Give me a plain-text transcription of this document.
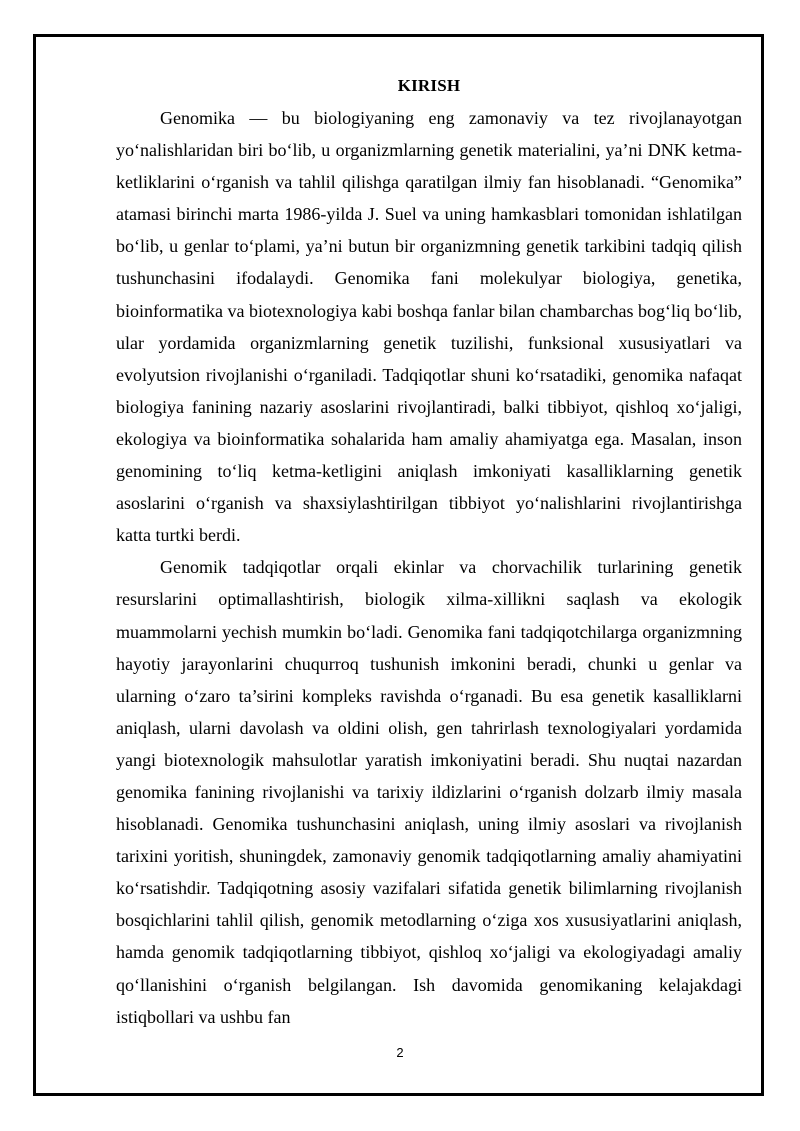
KIRISH

Genomika — bu biologiyaning eng zamonaviy va tez rivojlanayotgan yo‘nalishlaridan biri bo‘lib, u organizmlarning genetik materialini, ya’ni DNK ketma-ketliklarini o‘rganish va tahlil qilishga qaratilgan ilmiy fan hisoblanadi. “Genomika” atamasi birinchi marta 1986-yilda J. Suel va uning hamkasblari tomonidan ishlatilgan bo‘lib, u genlar to‘plami, ya’ni butun bir organizmning genetik tarkibini tadqiq qilish tushunchasini ifodalaydi. Genomika fani molekulyar biologiya, genetika, bioinformatika va biotexnologiya kabi boshqa fanlar bilan chambarchas bog‘liq bo‘lib, ular yordamida organizmlarning genetik tuzilishi, funksional xususiyatlari va evolyutsion rivojlanishi o‘rganiladi. Tadqiqotlar shuni ko‘rsatadiki, genomika nafaqat biologiya fanining nazariy asoslarini rivojlantiradi, balki tibbiyot, qishloq xo‘jaligi, ekologiya va bioinformatika sohalarida ham amaliy ahamiyatga ega. Masalan, inson genomining to‘liq ketma-ketligini aniqlash imkoniyati kasalliklarning genetik asoslarini o‘rganish va shaxsiylashtirilgan tibbiyot yo‘nalishlarini rivojlantirishga katta turtki berdi.

Genomik tadqiqotlar orqali ekinlar va chorvachilik turlarining genetik resurslarini optimallashtirish, biologik xilma-xillikni saqlash va ekologik muammolarni yechish mumkin bo‘ladi. Genomika fani tadqiqotchilarga organizmning hayotiy jarayonlarini chuqurroq tushunish imkonini beradi, chunki u genlar va ularning o‘zaro ta’sirini kompleks ravishda o‘rganadi. Bu esa genetik kasalliklarni aniqlash, ularni davolash va oldini olish, gen tahrirlash texnologiyalari yordamida yangi biotexnologik mahsulotlar yaratish imkoniyatini beradi. Shu nuqtai nazardan genomika fanining rivojlanishi va tarixiy ildizlarini o‘rganish dolzarb ilmiy masala hisoblanadi. Genomika tushunchasini aniqlash, uning ilmiy asoslari va rivojlanish tarixini yoritish, shuningdek, zamonaviy genomik tadqiqotlarning amaliy ahamiyatini ko‘rsatishdir. Tadqiqotning asosiy vazifalari sifatida genetik bilimlarning rivojlanish bosqichlarini tahlil qilish, genomik metodlarning o‘ziga xos xususiyatlarini aniqlash, hamda genomik tadqiqotlarning tibbiyot, qishloq xo‘jaligi va ekologiyadagi amaliy qo‘llanishini o‘rganish belgilangan. Ish davomida genomikaning kelajakdagi istiqbollari va ushbu fan

2
